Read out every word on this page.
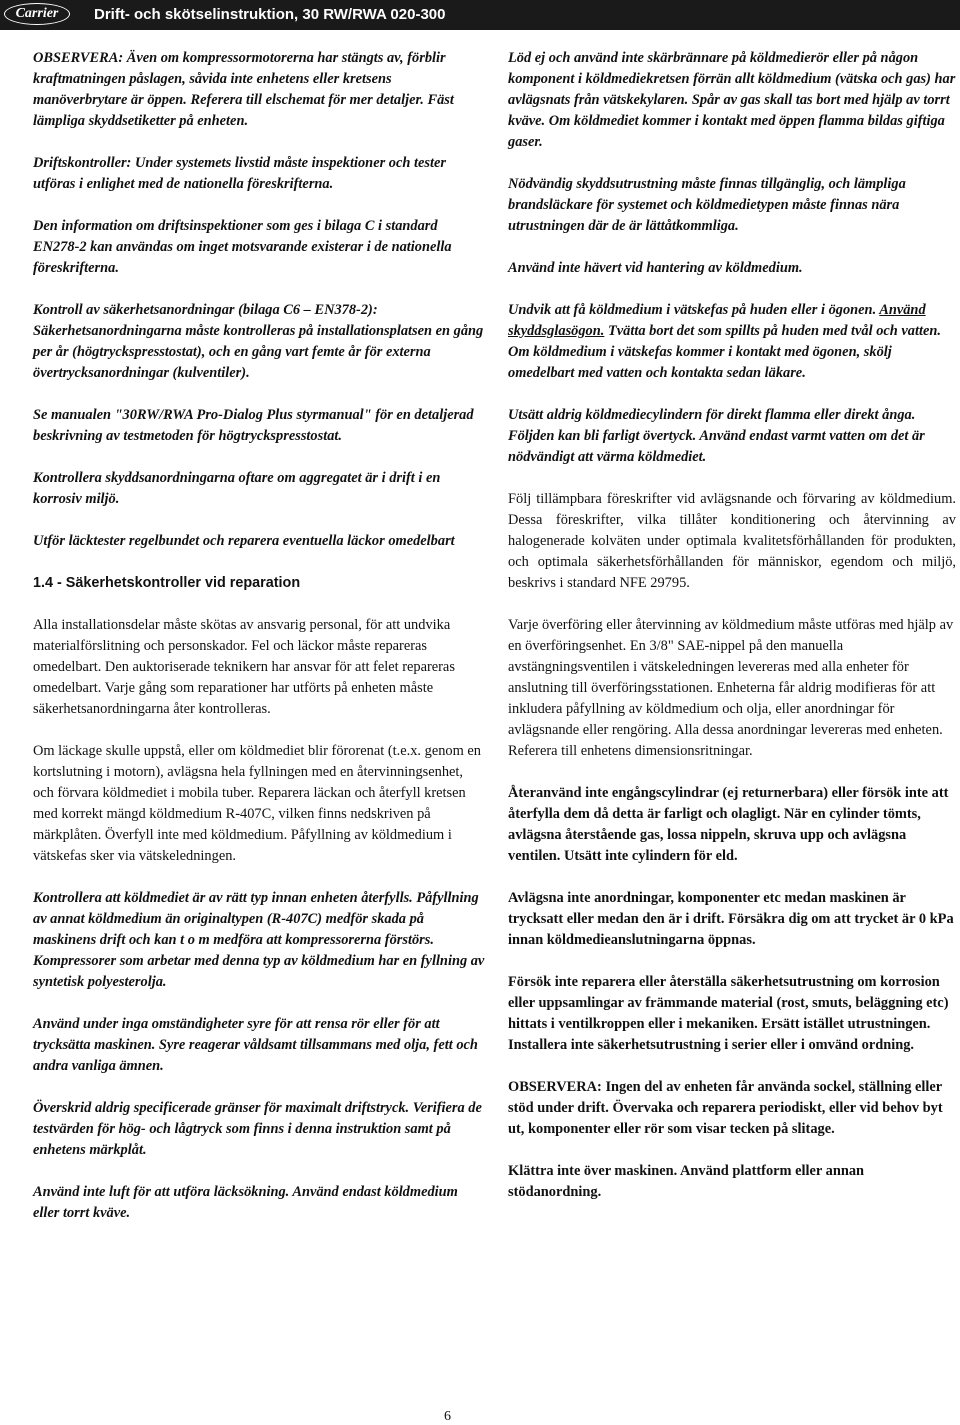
Carrier	Drift- och skötselinstruktion, 30 RW/RWA 020-300

OBSERVERA: Även om kompressormotorerna har stängts av, förblir kraftmatningen påslagen, såvida inte enhetens eller kretsens manöverbrytare är öppen. Referera till elschemat för mer detaljer. Fäst lämpliga skyddsetiketter på enheten.

Driftskontroller: Under systemets livstid måste inspektioner och tester utföras i enlighet med de nationella föreskrifterna.

Den information om driftsinspektioner som ges i bilaga C i standard EN278-2 kan användas om inget motsvarande existerar i de nationella föreskrifterna.

Kontroll av säkerhetsanordningar (bilaga C6 – EN378-2): Säkerhetsanordningarna måste kontrolleras på installationsplatsen en gång per år (högtryckspresstostat), och en gång vart femte år för externa övertrycksanordningar (kulventiler).

Se manualen "30RW/RWA Pro-Dialog Plus styrmanual" för en detaljerad beskrivning av testmetoden för högtryckspresstostat.

Kontrollera skyddsanordningarna oftare om aggregatet är i drift i en korrosiv miljö.

Utför läcktester regelbundet och reparera eventuella läckor omedelbart

1.4 - Säkerhetskontroller vid reparation

Alla installationsdelar måste skötas av ansvarig personal, för att undvika materialförslitning och personskador. Fel och läckor måste repareras omedelbart. Den auktoriserade teknikern har ansvar för att felet repareras omedelbart. Varje gång som reparationer har utförts på enheten måste säkerhetsanordningarna åter kontrolleras.

Om läckage skulle uppstå, eller om köldmediet blir förorenat (t.e.x. genom en kortslutning i motorn), avlägsna hela fyllningen med en återvinningsenhet, och förvara köldmediet i mobila tuber. Reparera läckan och återfyll kretsen med korrekt mängd köldmedium R-407C, vilken finns nedskriven på märkplåten. Överfyll inte med köldmedium. Påfyllning av köldmedium i vätskefas sker via vätskeledningen.

Kontrollera att köldmediet är av rätt typ innan enheten återfylls. Påfyllning av annat köldmedium än originaltypen (R-407C) medför skada på maskinens drift och kan t o m medföra att kompressorerna förstörs. Kompressorer som arbetar med denna typ av köldmedium har en fyllning av syntetisk polyesterolja.

Använd under inga omständigheter syre för att rensa rör eller för att trycksätta maskinen. Syre reagerar våldsamt tillsammans med olja, fett och andra vanliga ämnen.

Överskrid aldrig specificerade gränser för maximalt driftstryck. Verifiera de testvärden för hög- och lågtryck som finns i denna instruktion samt på enhetens märkplåt.

Använd inte luft för att utföra läcksökning. Använd endast köldmedium eller torrt kväve.

Löd ej och använd inte skärbrännare på köldmedierör eller på någon komponent i köldmediekretsen förrän allt köldmedium (vätska och gas) har avlägsnats från vätskekylaren. Spår av gas skall tas bort med hjälp av torrt kväve. Om köldmediet kommer i kontakt med öppen flamma bildas giftiga gaser.

Nödvändig skyddsutrustning måste finnas tillgänglig, och lämpliga brandsläckare för systemet och köldmedietypen måste finnas nära utrustningen där de är lättåtkommliga.

Använd inte hävert vid hantering av köldmedium.

Undvik att få köldmedium i vätskefas på huden eller i ögonen. Använd skyddsglasögon. Tvätta bort det som spillts på huden med tvål och vatten. Om köldmedium i vätskefas kommer i kontakt med ögonen, skölj omedelbart med vatten och kontakta sedan läkare.

Utsätt aldrig köldmediecylindern för direkt flamma eller direkt ånga. Följden kan bli farligt övertyck. Använd endast varmt vatten om det är nödvändigt att värma köldmediet.

Följ tillämpbara föreskrifter vid avlägsnande och förvaring av köldmedium. Dessa föreskrifter, vilka tillåter konditionering och återvinning av halogenerade kolväten under optimala kvalitetsförhållanden för produkten, och optimala säkerhetsförhållanden för människor, egendom och miljö, beskrivs i standard NFE 29795.

Varje överföring eller återvinning av köldmedium måste utföras med hjälp av en överföringsenhet. En 3/8" SAE-nippel på den manuella avstängningsventilen i vätskeledningen levereras med alla enheter för anslutning till överföringsstationen. Enheterna får aldrig modifieras för att inkludera påfyllning av köldmedium och olja, eller anordningar för avlägsnande eller rengöring. Alla dessa anordningar levereras med enheten. Referera till enhetens dimensionsritningar.

Återanvänd inte engångscylindrar (ej returnerbara) eller försök inte att återfylla dem då detta är farligt och olagligt. När en cylinder tömts, avlägsna återstående gas, lossa nippeln, skruva upp och avlägsna ventilen. Utsätt inte cylindern för eld.

Avlägsna inte anordningar, komponenter etc medan maskinen är trycksatt eller medan den är i drift. Försäkra dig om att trycket är 0 kPa innan köldmedieanslutningarna öppnas.

Försök inte reparera eller återställa säkerhetsutrustning om korrosion eller uppsamlingar av främmande material (rost, smuts, beläggning etc) hittats i ventilkroppen eller i mekaniken. Ersätt istället utrustningen. Installera inte säkerhetsutrustning i serier eller i omvänd ordning.

OBSERVERA: Ingen del av enheten får använda sockel, ställning eller stöd under drift. Övervaka och reparera periodiskt, eller vid behov byt ut, komponenter eller rör som visar tecken på slitage.

Klättra inte över maskinen. Använd plattform eller annan stödanordning.

6
